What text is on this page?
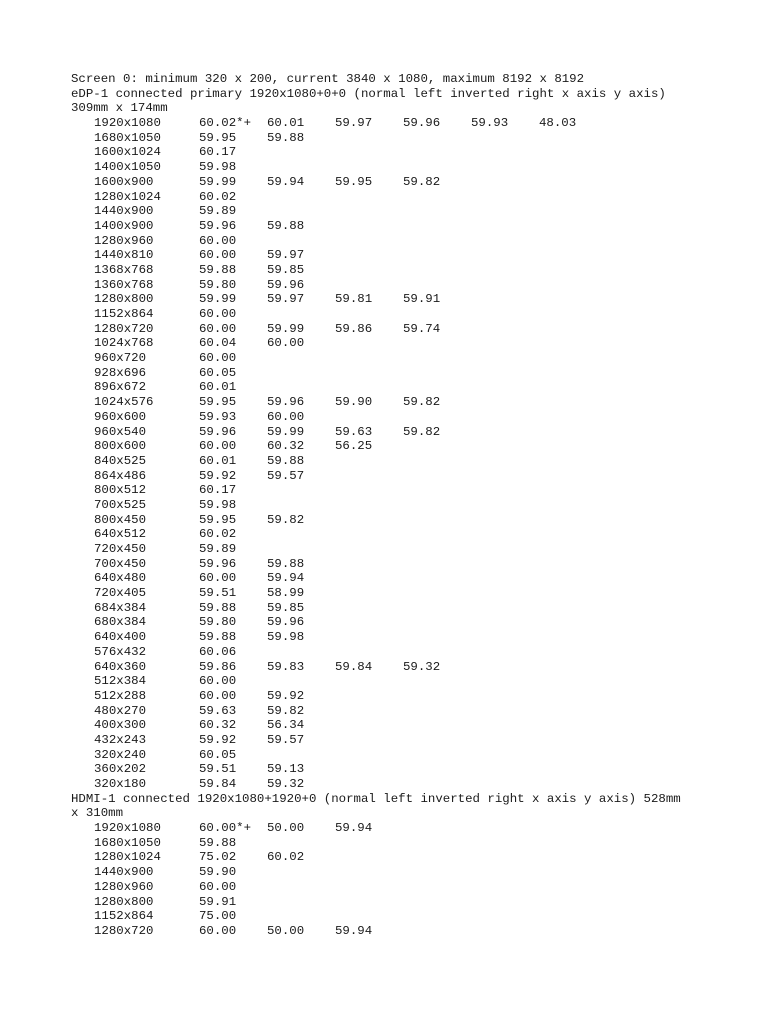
Screen 0: minimum 320 x 200, current 3840 x 1080, maximum 8192 x 8192
eDP-1 connected primary 1920x1080+0+0 (normal left inverted right x axis y axis)
309mm x 174mm
1920x1080	60.02*+	60.01	59.97	59.96	59.93	48.03
1680x1050	59.95	59.88
1600x1024	60.17
1400x1050	59.98
1600x900	59.99	59.94	59.95	59.82
1280x1024	60.02
1440x900	59.89
1400x900	59.96	59.88
1280x960	60.00
1440x810	60.00	59.97
1368x768	59.88	59.85
1360x768	59.80	59.96
1280x800	59.99	59.97	59.81	59.91
1152x864	60.00
1280x720	60.00	59.99	59.86	59.74
1024x768	60.04	60.00
960x720	60.00
928x696	60.05
896x672	60.01
1024x576	59.95	59.96	59.90	59.82
960x600	59.93	60.00
960x540	59.96	59.99	59.63	59.82
800x600	60.00	60.32	56.25
840x525	60.01	59.88
864x486	59.92	59.57
800x512	60.17
700x525	59.98
800x450	59.95	59.82
640x512	60.02
720x450	59.89
700x450	59.96	59.88
640x480	60.00	59.94
720x405	59.51	58.99
684x384	59.88	59.85
680x384	59.80	59.96
640x400	59.88	59.98
576x432	60.06
640x360	59.86	59.83	59.84	59.32
512x384	60.00
512x288	60.00	59.92
480x270	59.63	59.82
400x300	60.32	56.34
432x243	59.92	59.57
320x240	60.05
360x202	59.51	59.13
320x180	59.84	59.32
HDMI-1 connected 1920x1080+1920+0 (normal left inverted right x axis y axis) 528mm
x 310mm
1920x1080	60.00*+	50.00	59.94
1680x1050	59.88
1280x1024	75.02	60.02
1440x900	59.90
1280x960	60.00
1280x800	59.91
1152x864	75.00
1280x720	60.00	50.00	59.94
